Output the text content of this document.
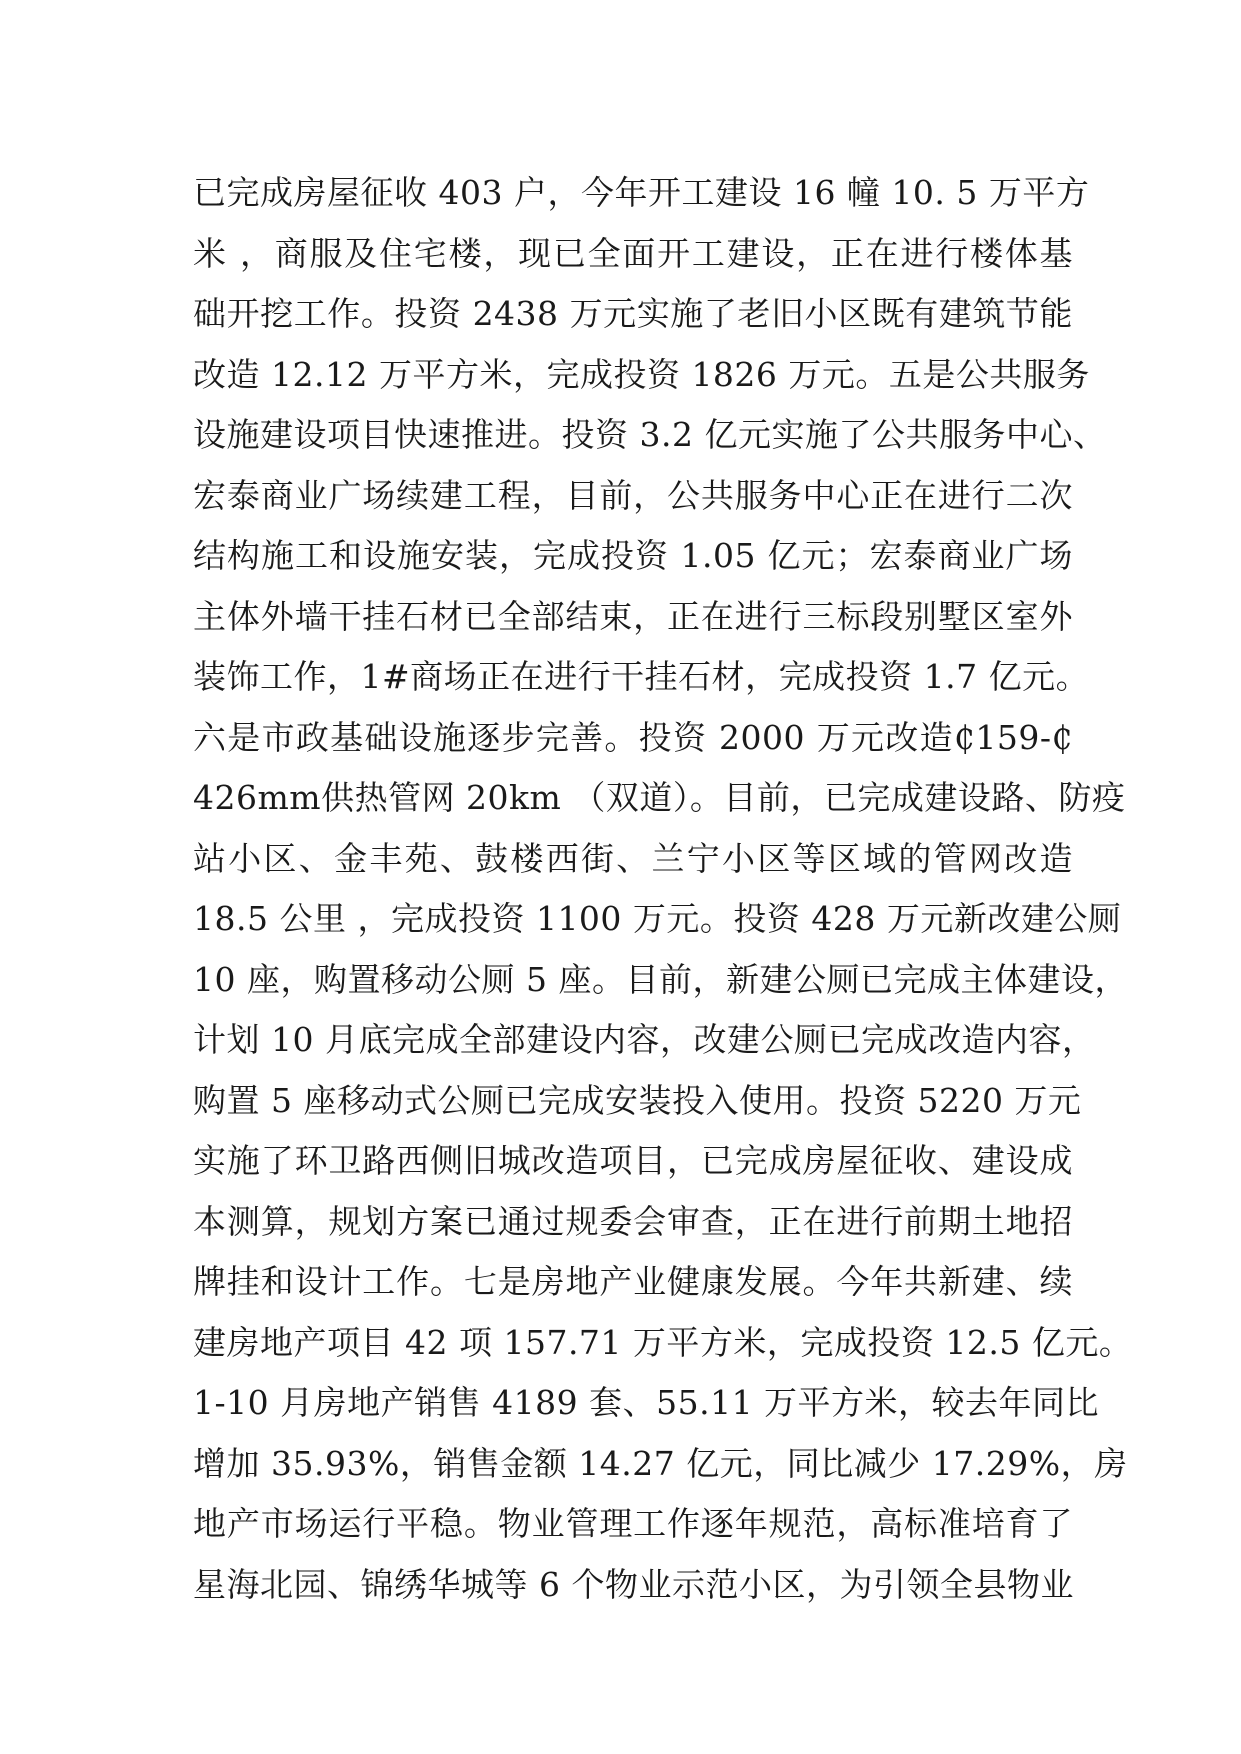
已完成房屋征收 403 户，今年开工建设 16 幢 10. 5 万平方
米 ，商服及住宅楼，现已全面开工建设，正在进行楼体基
础开挖工作。投资 2438 万元实施了老旧小区既有建筑节能
改造 12.12 万平方米，完成投资 1826 万元。五是公共服务
设施建设项目快速推进。投资 3.2 亿元实施了公共服务中心、
宏泰商业广场续建工程，目前，公共服务中心正在进行二次
结构施工和设施安装，完成投资 1.05 亿元；宏泰商业广场
主体外墙干挂石材已全部结束，正在进行三标段别墅区室外
装饰工作，1#商场正在进行干挂石材，完成投资 1.7 亿元。
六是市政基础设施逐步完善。投资 2000 万元改造₵159-₵
426mm供热管网 20km （双道）。目前，已完成建设路、防疫
站小区、金丰苑、鼓楼西街、兰宁小区等区域的管网改造
18.5 公里 ，完成投资 1100 万元。投资 428 万元新改建公厕
10 座，购置移动公厕 5 座。目前，新建公厕已完成主体建设，
计划 10 月底完成全部建设内容，改建公厕已完成改造内容，
购置 5 座移动式公厕已完成安装投入使用。投资 5220 万元
实施了环卫路西侧旧城改造项目，已完成房屋征收、建设成
本测算，规划方案已通过规委会审查，正在进行前期土地招
牌挂和设计工作。七是房地产业健康发展。今年共新建、续
建房地产项目 42 项 157.71 万平方米，完成投资 12.5 亿元。
1-10 月房地产销售 4189 套、55.11 万平方米，较去年同比
增加 35.93%，销售金额 14.27 亿元，同比减少 17.29%，房
地产市场运行平稳。物业管理工作逐年规范，高标准培育了
星海北园、锦绣华城等 6 个物业示范小区，为引领全县物业
